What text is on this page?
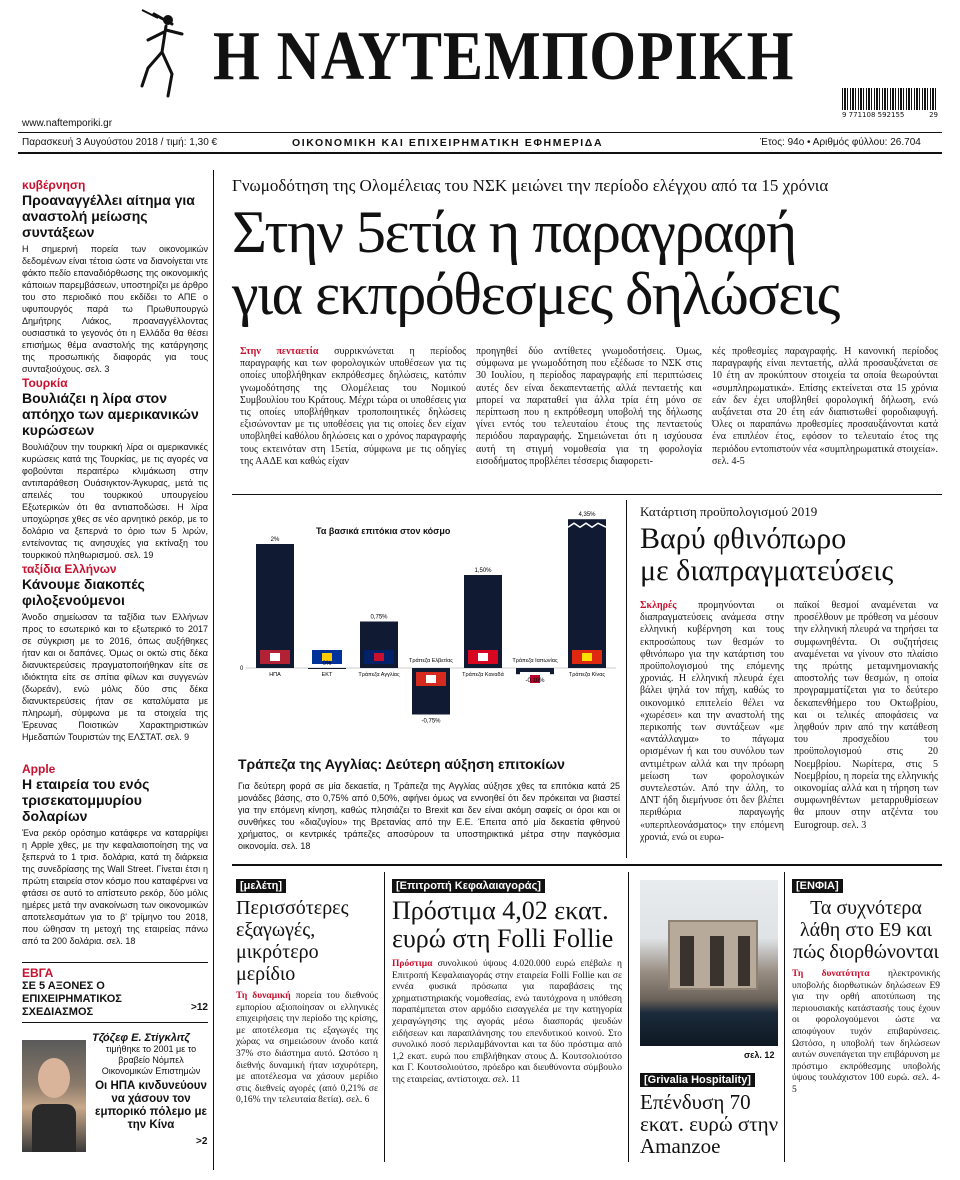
Η ΝΑΥΤΕΜΠΟΡΙΚΗ
9 771108 592155	29
www.naftemporiki.gr
Παρασκευή 3 Αυγούστου 2018 / τιμή: 1,30 €	ΟΙΚΟΝΟΜΙΚΗ ΚΑΙ ΕΠΙΧΕΙΡΗΜΑΤΙΚΗ ΕΦΗΜΕΡΙΔΑ	Έτος: 94ο • Αριθμός φύλλου: 26.704
κυβέρνηση
Προαναγγέλλει αίτημα για αναστολή μείωσης συντάξεων
Η σημερινή πορεία των οικονομικών δεδομένων είναι τέτοια ώστε να διανοίγεται ντε φάκτο πεδίο επαναδιόρθωσης της οικονομικής κάποιων παρεμβάσεων, υποστηρίζει με άρθρο του στο περιοδικό που εκδίδει το ΑΠΕ ο υφυπουργός παρά τω Πρωθυπουργώ Δημήτρης Λιάκος, προαναγγέλλοντας ουσιαστικά το γεγονός ότι η Ελλάδα θα θέσει επισήμως θέμα αναστολής της κατάργησης της προσωπικής διαφοράς για τους συνταξιούχους. σελ. 3
Τουρκία
Βουλιάζει η λίρα στον απόηχο των αμερικανικών κυρώσεων
Βουλιάζουν την τουρκική λίρα οι αμερικανικές κυρώσεις κατά της Τουρκίας, με τις αγορές να φοβούνται περαιτέρω κλιμάκωση στην αντιπαράθεση Ουάσιγκτον-Άγκυρας, μετά τις απειλές του τουρκικού υπουργείου Εξωτερικών ότι θα αντιαποδώσει. Η λίρα υποχώρησε χθες σε νέο αρνητικό ρεκόρ, με το δολάριο να ξεπερνά το όριο των 5 λιρών, εντείνοντας τις ανησυχίες για εκτίναξη του τουρκικού πληθωρισμού. σελ. 19
ταξίδια Ελλήνων
Κάνουμε διακοπές φιλοξενούμενοι
Άνοδο σημείωσαν τα ταξίδια των Ελλήνων προς το εσωτερικό και το εξωτερικό το 2017 σε σύγκριση με το 2016, όπως αυξήθηκες ήταν και οι δαπάνες. Όμως οι οκτώ στις δέκα διανυκτερεύσεις πραγματοποιήθηκαν είτε σε ιδιόκτητα είτε σε σπίτια φίλων και συγγενών (δωρεάν), ενώ μόλις δύο στις δέκα διανυκτερεύσεις ήταν σε καταλύματα με πληρωμή, σύμφωνα με τα στοιχεία της Έρευνας Ποιοτικών Χαρακτηριστικών Ημεδαπών Τουριστών της ΕΛΣΤΑΤ. σελ. 9
Apple
Η εταιρεία του ενός τρισεκατομμυρίου δολαρίων
Ένα ρεκόρ ορόσημο κατάφερε να καταρρίψει η Apple χθες, με την κεφαλαιοποίηση της να ξεπερνά το 1 τρισ. δολάρια, κατά τη διάρκεια της συνεδρίασης της Wall Street. Γίνεται έτσι η πρώτη εταιρεία στον κόσμο που καταφέρνει να φτάσει σε αυτό το απίστευτο ρεκόρ, δύο μόλις ημέρες μετά την ανακοίνωση των οικονομικών αποτελεσμάτων για το β' τρίμηνο του 2018, που ώθησαν τη μετοχή της εταιρείας πάνω από τα 200 δολάρια. σελ. 18
ΕΒΓΑ
ΣΕ 5 ΑΞΟΝΕΣ Ο ΕΠΙΧΕΙΡΗΜΑΤΙΚΟΣ ΣΧΕΔΙΑΣΜΟΣ	>12
Τζόζεφ Ε. Στίγκλιτζ
τιμήθηκε το 2001 με το βραβείο Νόμπελ Οικονομικών Επιστημών
Οι ΗΠΑ κινδυνεύουν να χάσουν τον εμπορικό πόλεμο με την Κίνα
>2
Γνωμοδότηση της Ολομέλειας του ΝΣΚ μειώνει την περίοδο ελέγχου από τα 15 χρόνια
Στην 5ετία η παραγραφή
για εκπρόθεσμες δηλώσεις
Στην πενταετία συρρικνώνεται η περίοδος παραγραφής και των φορολογικών υποθέσεων για τις οποίες υποβλήθηκαν εκπρόθεσμες δηλώσεις, κατόπιν γνωμοδότησης της Ολομέλειας του Νομικού Συμβουλίου του Κράτους. Μέχρι τώρα οι υποθέσεις για τις οποίες υποβλήθηκαν τροποποιητικές δηλώσεις εξισώνονταν με τις υποθέσεις για τις οποίες δεν είχαν υποβληθεί καθόλου δηλώσεις και ο χρόνος παραγραφής τους εκτεινόταν στη 15ετία, σύμφωνα με τις οδηγίες της ΑΑΔΕ και καθώς είχαν
προηγηθεί δύο αντίθετες γνωμοδοτήσεις. Όμως, σύμφωνα με γνωμοδότηση που εξέδωσε το ΝΣΚ στις 30 Ιουλίου, η περίοδος παραγραφής επί περιπτώσεις αυτές δεν είναι δεκαπενταετής αλλά πενταετής και μπορεί να παραταθεί για άλλα τρία έτη μόνο σε περίπτωση που η εκπρόθεσμη υποβολή της δήλωσης γίνει εντός του τελευταίου έτους της πενταετούς περιόδου παραγραφής. Σημειώνεται ότι η ισχύουσα αυτή τη στιγμή νομοθεσία για τη φορολογία εισοδήματος προβλέπει τέσσερις διαφορετι-
κές προθεσμίες παραγραφής. Η κανονική περίοδος παραγραφής είναι πενταετής, αλλά προσαυξάνεται σε 10 έτη αν προκύπτουν στοιχεία τα οποία θεωρούνται «συμπληρωματικά». Επίσης εκτείνεται στα 15 χρόνια εάν δεν έχει υποβληθεί φορολογική δήλωση, ενώ αυξάνεται στα 20 έτη εάν διαπιστωθεί φοροδιαφυγή. Όλες οι παραπάνω προθεσμίες προσαυξάνονται κατά ένα επιπλέον έτος, εφόσον το τελευταίο έτος της περιόδου εντοπιστούν νέα «συμπληρωματικά στοιχεία». σελ. 4-5
Τα βασικά επιτόκια στον κόσμο
0
2%
ΗΠΑ
0%
ΕΚΤ
0,75%
Τράπεζα Αγγλίας
-0,75%
Τράπεζα Ελβετίας
1,50%
Τράπεζα Καναδά
-0,10%
Τράπεζα Ιαπωνίας
4,35%
Τράπεζα Κίνας
Τράπεζα της Αγγλίας: Δεύτερη αύξηση επιτοκίων
Για δεύτερη φορά σε μία δεκαετία, η Τράπεζα της Αγγλίας αύξησε χθες τα επιτόκια κατά 25 μονάδες βάσης, στο 0,75% από 0,50%, αφήνει όμως να εννοηθεί ότι δεν πρόκειται να βιαστεί για την επόμενη κίνηση, καθώς πλησιάζει το Brexit και δεν είναι ακόμη σαφείς οι όροι και οι συνθήκες του «διαζυγίου» της Βρετανίας από την Ε.Ε. Έπειτα από μία δεκαετία φθηνού χρήματος, οι κεντρικές τράπεζες αποσύρουν τα υποστηρικτικά μέτρα στην παγκόσμια οικονομία. σελ. 18
Κατάρτιση προϋπολογισμού 2019
Βαρύ φθινόπωρο
με διαπραγματεύσεις
Σκληρές προμηνύονται οι διαπραγματεύσεις ανάμεσα στην ελληνική κυβέρνηση και τους εκπροσώπους των θεσμών το φθινόπωρο για την κατάρτιση του προϋπολογισμού της επόμενης χρονιάς. Η ελληνική πλευρά έχει βάλει ψηλά τον πήχη, καθώς το οικονομικό επιτελείο θέλει να «χωρέσει» και την αναστολή της περικοπής των συντάξεων «με «αντάλλαγμα» το πάγωμα ορισμένων ή και του συνόλου των αντιμέτρων αλλά και την πρόωρη μείωση των φορολογικών συντελεστών. Από την άλλη, το ΔΝΤ ήδη διεμήνυσε ότι δεν βλέπει περιθώρια παραγωγής «υπερπλεονάσματος» την επόμενη χρονιά, ενώ οι ευρω-
παϊκοί θεσμοί αναμένεται να προσέλθουν με πρόθεση να μέσουν την ελληνική πλευρά να τηρήσει τα συμφωνηθέντα. Οι συζητήσεις αναμένεται να γίνουν στο πλαίσιο της πρώτης μεταμνημονιακής αποστολής των θεσμών, η οποία προγραμματίζεται για το δεύτερο δεκαπενθήμερο του Οκτωβρίου, και οι τελικές αποφάσεις να ληφθούν πριν από την κατάθεση του προσχεδίου του προϋπολογισμού στις 20 Νοεμβρίου. Νωρίτερα, στις 5 Νοεμβρίου, η πορεία της ελληνικής οικονομίας αλλά και η τήρηση των συμφωνηθέντων μεταρρυθμίσεων θα μπουν στην ατζέντα του Eurogroup. σελ. 3
[μελέτη]
Περισσότερες εξαγωγές, μικρότερο μερίδιο
Τη δυναμική πορεία του διεθνούς εμπορίου αξιοποίησαν οι ελληνικές επιχειρήσεις την περίοδο της κρίσης, με αποτέλεσμα τις εξαγωγές της χώρας να σημειώσουν άνοδο κατά 37% στο διάστημα αυτό. Ωστόσο η διεθνής δυναμική ήταν ισχυρότερη, με αποτέλεσμα να χάσουν μερίδιο στις διεθνείς αγορές (από 0,21% σε 0,16% την τελευταία 8ετία). σελ. 6
[Επιτροπή Κεφαλαιαγοράς]
Πρόστιμα 4,02 εκατ. ευρώ στη Folli Follie
Πρόστιμα συνολικού ύψους 4.020.000 ευρώ επέβαλε η Επιτροπή Κεφαλαιαγοράς στην εταιρεία Folli Follie και σε εννέα φυσικά πρόσωπα για παραβάσεις της χρηματιστηριακής νομοθεσίας, ενώ ταυτόχρονα η υπόθεση παραπέμπεται στον αρμόδιο εισαγγελέα με την κατηγορία χειραγώγησης της αγοράς μέσω διασποράς ψευδών ειδήσεων και παραπλάνησης του επενδυτικού κοινού. Στο συνολικό ποσό περιλαμβάνονται και τα δύο πρόστιμα από 1,2 εκατ. ευρώ που επιβλήθηκαν στους Δ. Κουτσολιούτσο και Γ. Κουτσολιούτσο, πρόεδρο και διευθύνοντα σύμβουλο της εταιρείας, αντίστοιχα. σελ. 11
σελ. 12
[Grivalia Hospitality]
Επένδυση 70 εκατ. ευρώ στην Amanzoe
[ΕΝΦΙΑ]
Τα συχνότερα λάθη στο Ε9 και πώς διορθώνονται
Τη δυνατότητα ηλεκτρονικής υποβολής διορθωτικών δηλώσεων Ε9 για την ορθή αποτύπωση της περιουσιακής κατάστασής τους έχουν οι φορολογούμενοι ώστε να αποφύγουν τυχόν επιβαρύνσεις. Ωστόσο, η υποβολή των δηλώσεων αυτών συνεπάγεται την επιβάρυνση με πρόστιμο εκπρόθεσμης υποβολής ύψους τουλάχιστον 100 ευρώ. σελ. 4-5
